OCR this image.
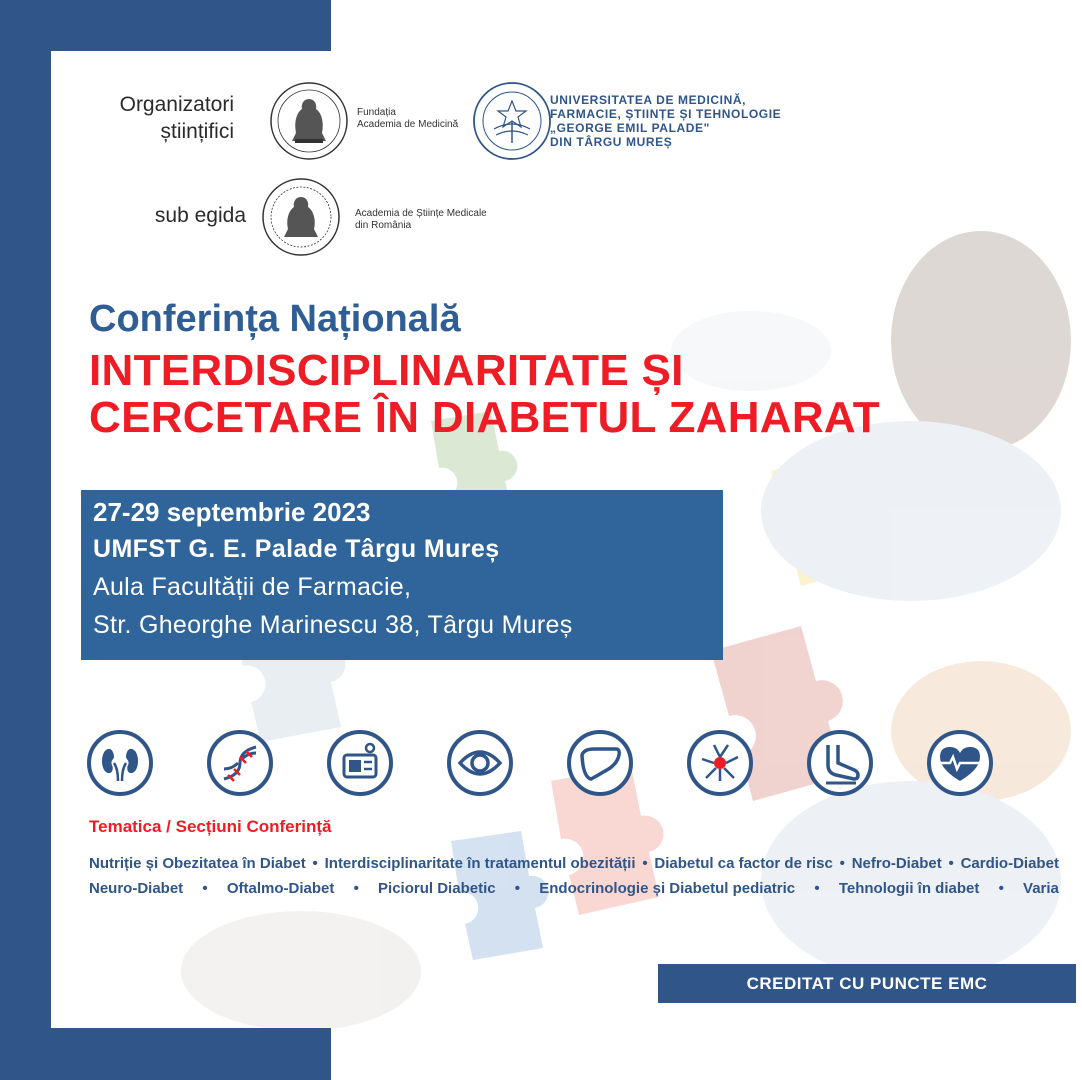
Organizatori
științifici
Fundația
Academia de Medicină
UNIVERSITATEA DE MEDICINĂ,
FARMACIE, ȘTIINȚE ȘI TEHNOLOGIE
„GEORGE EMIL PALADE"
DIN TÂRGU MUREȘ
sub egida	Academia de Științe Medicale
din România
Conferința Națională
INTERDISCIPLINARITATE ȘI
CERCETARE ÎN DIABETUL ZAHARAT
27-29 septembrie 2023
UMFST G. E. Palade Târgu Mureș
Aula Facultății de Farmacie,
Str. Gheorghe Marinescu 38, Târgu Mureș
Tematica / Secțiuni Conferință
Nutriție și Obezitatea în Diabet • Interdisciplinaritate în tratamentul obezității • Diabetul ca factor de risc • Nefro-Diabet • Cardio-Diabet
Neuro-Diabet • Oftalmo-Diabet • Piciorul Diabetic • Endocrinologie și Diabetul pediatric • Tehnologii în diabet • Varia
CREDITAT CU PUNCTE EMC
